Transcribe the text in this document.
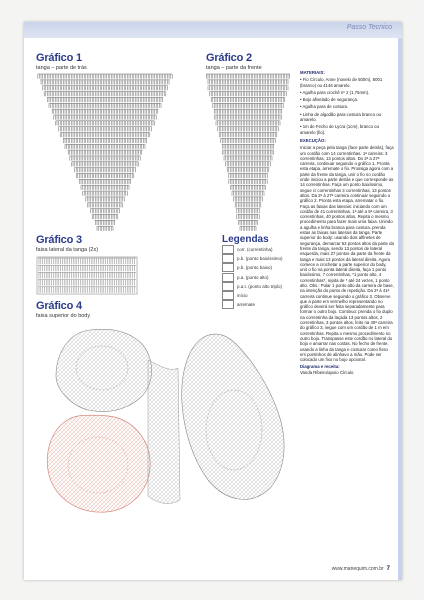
Passo Tecnico
Gráfico 1
tanga – parte de trás
Gráfico 2
tanga – parte da frente

MATERIAIS:

• Fio Círculo, Anne (novelo de 500m), 8001 (branco) ou 4146 amarelo.

• Agulha para crochê nº 2 (1,75mm).

• Bojo afivelado de segurança.

• Agulha para de costura.

• Linha de algodão para costura branco ou amarelo.

• 1m de Fecho de Lycra (1cm), branco ou amarelo (fio).

EXECUÇÃO:

Iniciar a peça pela tanga (face parte detrás), faça um cordão com 14 correntinhas. 1ª carreira: 3 correntinhas, 13 pontos altos. Do 2ª a 27ª carreira, continuar seguindo o gráfico 1. Pronta esta etapa, arremate o fio. Prossiga agora com a parte da frente da tanga, unir o fio no cordão onde iniciou a parte detrás e que corresponde as 14 correntinhas. Faça um ponto baixíssimo, segue c/ correntinhas 3 correntinhas, 13 pontos altos. Da 2ª à 27ª carreira continuar seguindo o gráfico 2. Pronta esta etapa, arrematar o fio. Faça as faixas das laterais: iniciando com um cordão de 41 correntinhas, 1ª até a 5ª carreira, 3 correntinhas, 40 pontos altos. Repita o mesmo procedimento para fazer mais uma faixa. Unindo a agulha e linha branca para costura, prenda estas as faixas nas laterais da tanga. Parte superior do body: usando dois alfinetes de segurança, demarcar 53 pontos altos da parte da frente da tanga, sendo 13 pontos de lateral esquerda, mais 27 pontos da parte da frente da tanga e mais 13 pontos da lateral direita. Agora comece a crochetar a parte superior do body, unir o fio na ponta lateral direita, faça 1 ponto baixíssimo, 7 correntinhas, *1 ponto alto, 4 correntinhas*, repita de * até 24 vezes, 1 ponto alto. Obs.: Pular 1 ponto alto da carreira de base, na intenção do ponto de repetição. Da 2ª à 41ª carreira continue seguindo o gráfico 3. Observe que a parte em vermelho representando no gráfico deverá ser feita separadamente para formar o outro bojo. Continuo: prenda o fio duplo na correntinha da laçada 13 pontos altos, 2 correntinhas, 3 pontos altos, feito na 40ª carreira do gráfico 3, segue com um cordão de 1 m em correntinhas. Repita o mesmo procedimento no outro bojo. Transpasse este cordão no lateral do bojo e amarrar nas costas. No fecho de frente, usando a linha da tanga e costurar como fisso em pontinhos de alinhavo a mão. Pode ser colocado um fixo no bojo opcional.

Diagrama e receita:

Vanda Ribeiro/apoio Círculo

Gráfico 3
faixa lateral da tanga (2x)
Legendas
corr. (correntinha)
p.b. (ponto baixíssimo)
p.b. (ponto baixo)
p.a. (ponto alto)
p.a.t. (ponto alto triplo)
início
arremate
Gráfico 4
faixa superior do body
www.manequim.com.br 7
